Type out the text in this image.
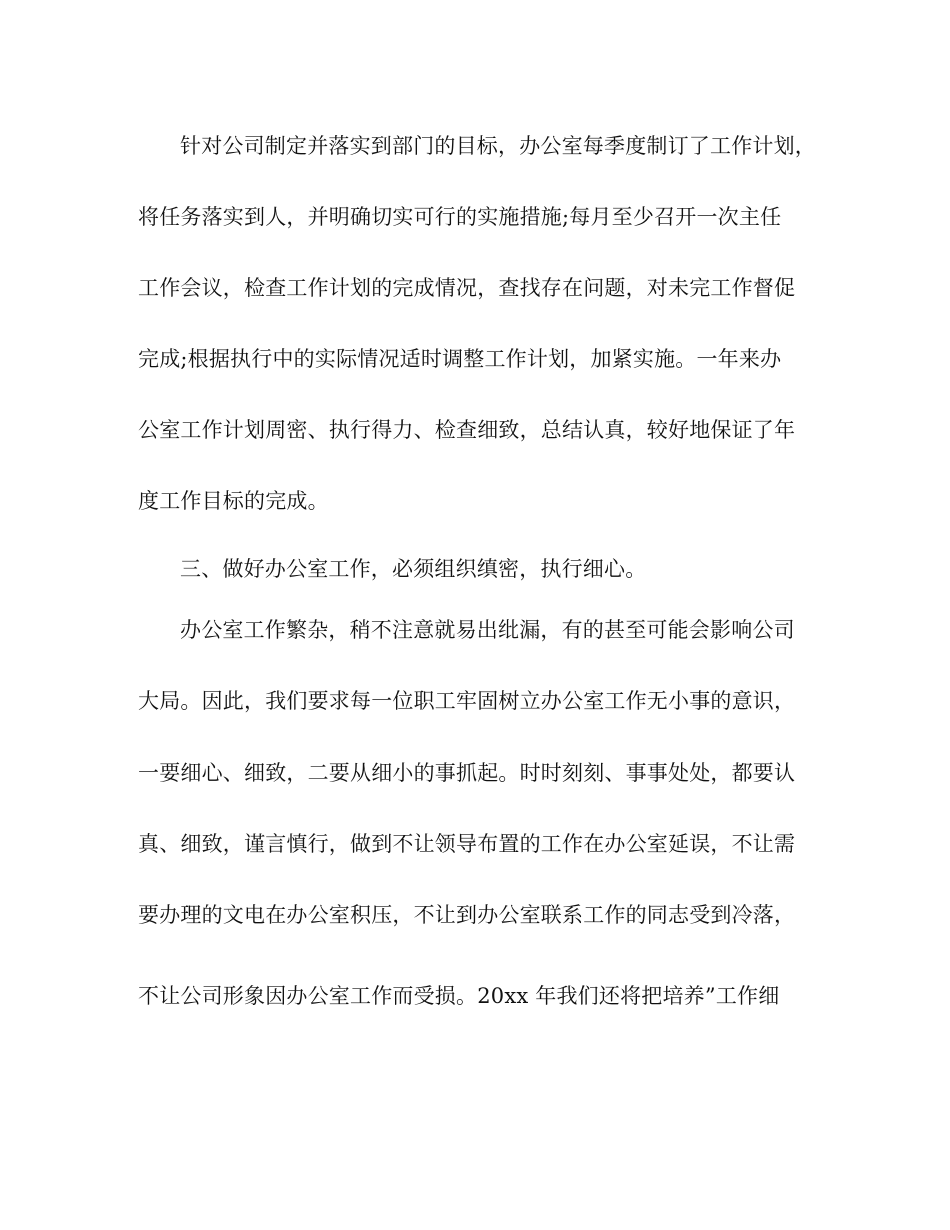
针对公司制定并落实到部门的目标，办公室每季度制订了工作计划，
将任务落实到人，并明确切实可行的实施措施;每月至少召开一次主任
工作会议，检查工作计划的完成情况，查找存在问题，对未完工作督促
完成;根据执行中的实际情况适时调整工作计划，加紧实施。一年来办
公室工作计划周密、执行得力、检查细致，总结认真，较好地保证了年
度工作目标的完成。
三、做好办公室工作，必须组织缜密，执行细心。
办公室工作繁杂，稍不注意就易出纰漏，有的甚至可能会影响公司
大局。因此，我们要求每一位职工牢固树立办公室工作无小事的意识，
一要细心、细致，二要从细小的事抓起。时时刻刻、事事处处，都要认
真、细致，谨言慎行，做到不让领导布置的工作在办公室延误，不让需
要办理的文电在办公室积压，不让到办公室联系工作的同志受到冷落，
不让公司形象因办公室工作而受损。20xx 年我们还将把培养”工作细
